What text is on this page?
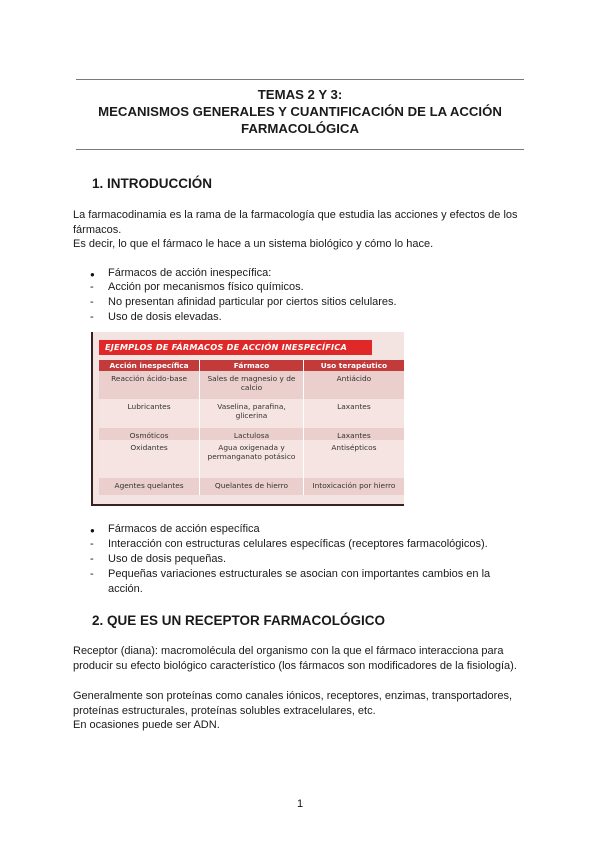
TEMAS 2 Y 3:
MECANISMOS GENERALES Y CUANTIFICACIÓN DE LA ACCIÓN
FARMACOLÓGICA
1. INTRODUCCIÓN
La farmacodinamia es la rama de la farmacología que estudia las acciones y efectos de los fármacos.
Es decir, lo que el fármaco le hace a un sistema biológico y cómo lo hace.
● Fármacos de acción inespecífica:
- Acción por mecanismos físico químicos.
- No presentan afinidad particular por ciertos sitios celulares.
- Uso de dosis elevadas.
EJEMPLOS DE FÁRMACOS DE ACCIÓN INESPECÍFICA
Acción inespecífica	Fármaco	Uso terapéutico
Reacción ácido-base	Sales de magnesio y de calcio	Antiácido
Lubricantes	Vaselina, parafina, glicerina	Laxantes
Osmóticos	Lactulosa	Laxantes
Oxidantes	Agua oxigenada y permanganato potásico	Antisépticos
Agentes quelantes	Quelantes de hierro	Intoxicación por hierro
● Fármacos de acción específica
- Interacción con estructuras celulares específicas (receptores farmacológicos).
- Uso de dosis pequeñas.
- Pequeñas variaciones estructurales se asocian con importantes cambios en la acción.
2. QUE ES UN RECEPTOR FARMACOLÓGICO
Receptor (diana): macromolécula del organismo con la que el fármaco interacciona para producir su efecto biológico característico (los fármacos son modificadores de la fisiología).
Generalmente son proteínas como canales iónicos, receptores, enzimas, transportadores, proteínas estructurales, proteínas solubles extracelulares, etc.
En ocasiones puede ser ADN.
1
